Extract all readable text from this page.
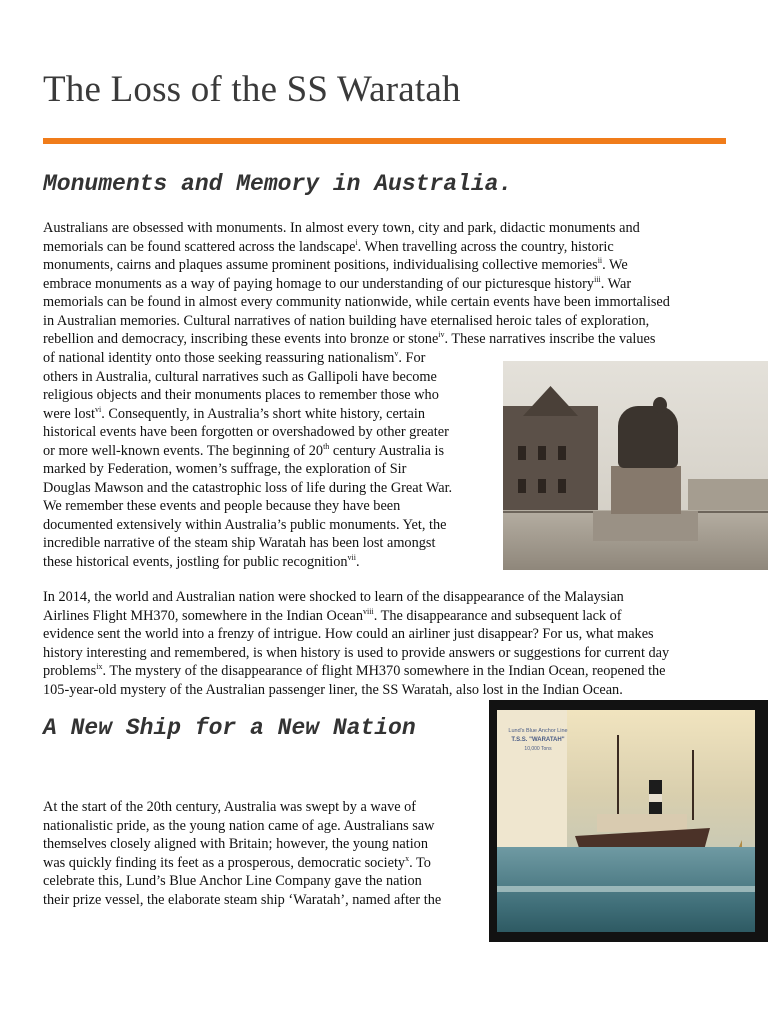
The Loss of the SS Waratah
Monuments and Memory in Australia.
Australians are obsessed with monuments. In almost every town, city and park, didactic monuments and
memorials can be found scattered across the landscape$^i$. When travelling across the country, historic
monuments, cairns and plaques assume prominent positions, individualising collective memories$^{ii}$. We
embrace monuments as a way of paying homage to our understanding of our picturesque history$^{iii}$. War
memorials can be found in almost every community nationwide, while certain events have been immortalised
in Australian memories. Cultural narratives of nation building have eternalised heroic tales of exploration,
rebellion and democracy, inscribing these events into bronze or stone$^{iv}$. These narratives inscribe the values
of national identity onto those seeking reassuring nationalism$^v$. For
others in Australia, cultural narratives such as Gallipoli have become
religious objects and their monuments places to remember those who
were lost$^{vi}$. Consequently, in Australia’s short white history, certain
historical events have been forgotten or overshadowed by other greater
or more well-known events. The beginning of 20th century Australia is
marked by Federation, women’s suffrage, the exploration of Sir
Douglas Mawson and the catastrophic loss of life during the Great War.
We remember these events and people because they have been
documented extensively within Australia’s public monuments. Yet, the
incredible narrative of the steam ship Waratah has been lost amongst
these historical events, jostling for public recognition$^{vii}$.
In 2014, the world and Australian nation were shocked to learn of the disappearance of the Malaysian
Airlines Flight MH370, somewhere in the Indian Ocean$^{viii}$. The disappearance and subsequent lack of
evidence sent the world into a frenzy of intrigue. How could an airliner just disappear? For us, what makes
history interesting and remembered, is when history is used to provide answers or suggestions for current day
problems$^{ix}$. The mystery of the disappearance of flight MH370 somewhere in the Indian Ocean, reopened the
105-year-old mystery of the Australian passenger liner, the SS Waratah, also lost in the Indian Ocean.
A New Ship for a New Nation
At the start of the 20th century, Australia was swept by a wave of
nationalistic pride, as the young nation came of age. Australians saw
themselves closely aligned with Britain; however, the young nation
was quickly finding its feet as a prosperous, democratic society$^x$. To
celebrate this, Lund’s Blue Anchor Line Company gave the nation
their prize vessel, the elaborate steam ship ‘Waratah’, named after the
Lund's Blue Anchor Line
T.S.S. "WARATAH"
10,000 Tons
